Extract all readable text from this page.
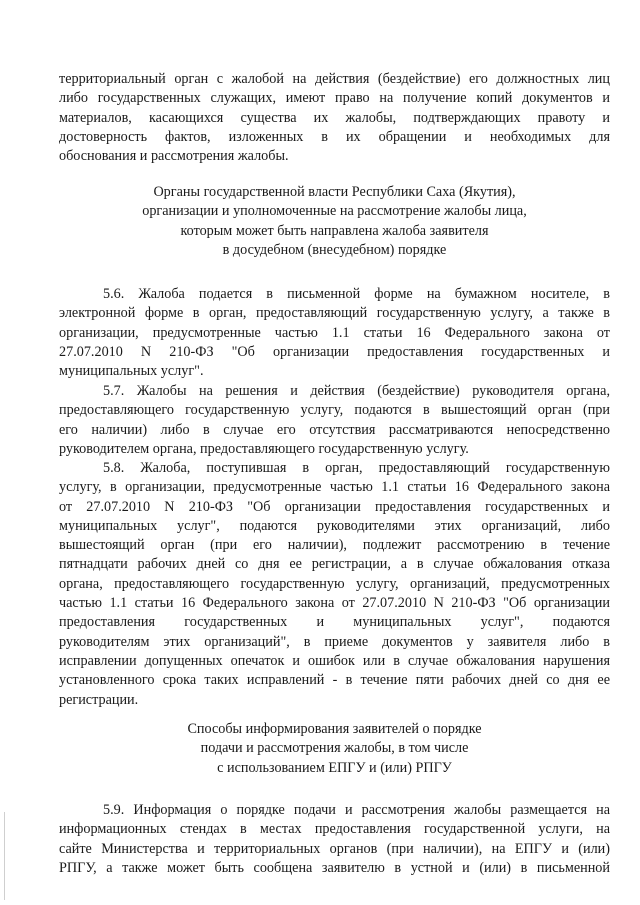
территориальный орган с жалобой на действия (бездействие) его должностных лиц
либо государственных служащих, имеют право на получение копий документов и
материалов, касающихся существа их жалобы, подтверждающих правоту и
достоверность фактов, изложенных в их обращении и необходимых для
обоснования и рассмотрения жалобы.
Органы государственной власти Республики Саха (Якутия),
организации и уполномоченные на рассмотрение жалобы лица,
которым может быть направлена жалоба заявителя
в досудебном (внесудебном) порядке
5.6. Жалоба подается в письменной форме на бумажном носителе, в
электронной форме в орган, предоставляющий государственную услугу, а также в
организации, предусмотренные частью 1.1 статьи 16 Федерального закона от
27.07.2010 N 210-ФЗ "Об организации предоставления государственных и
муниципальных услуг".
5.7. Жалобы на решения и действия (бездействие) руководителя органа,
предоставляющего государственную услугу, подаются в вышестоящий орган (при
его наличии) либо в случае его отсутствия рассматриваются непосредственно
руководителем органа, предоставляющего государственную услугу.
5.8. Жалоба, поступившая в орган, предоставляющий государственную
услугу, в организации, предусмотренные частью 1.1 статьи 16 Федерального закона
от 27.07.2010 N 210-ФЗ "Об организации предоставления государственных и
муниципальных услуг", подаются руководителями этих организаций, либо
вышестоящий орган (при его наличии), подлежит рассмотрению в течение
пятнадцати рабочих дней со дня ее регистрации, а в случае обжалования отказа
органа, предоставляющего государственную услугу, организаций, предусмотренных
частью 1.1 статьи 16 Федерального закона от 27.07.2010 N 210-ФЗ "Об организации
предоставления государственных и муниципальных услуг", подаются
руководителям этих организаций", в приеме документов у заявителя либо в
исправлении допущенных опечаток и ошибок или в случае обжалования нарушения
установленного срока таких исправлений - в течение пяти рабочих дней со дня ее
регистрации.
Способы информирования заявителей о порядке
подачи и рассмотрения жалобы, в том числе
с использованием ЕПГУ и (или) РПГУ
5.9. Информация о порядке подачи и рассмотрения жалобы размещается на
информационных стендах в местах предоставления государственной услуги, на
сайте Министерства и территориальных органов (при наличии), на ЕПГУ и (или)
РПГУ, а также может быть сообщена заявителю в устной и (или) в письменной
